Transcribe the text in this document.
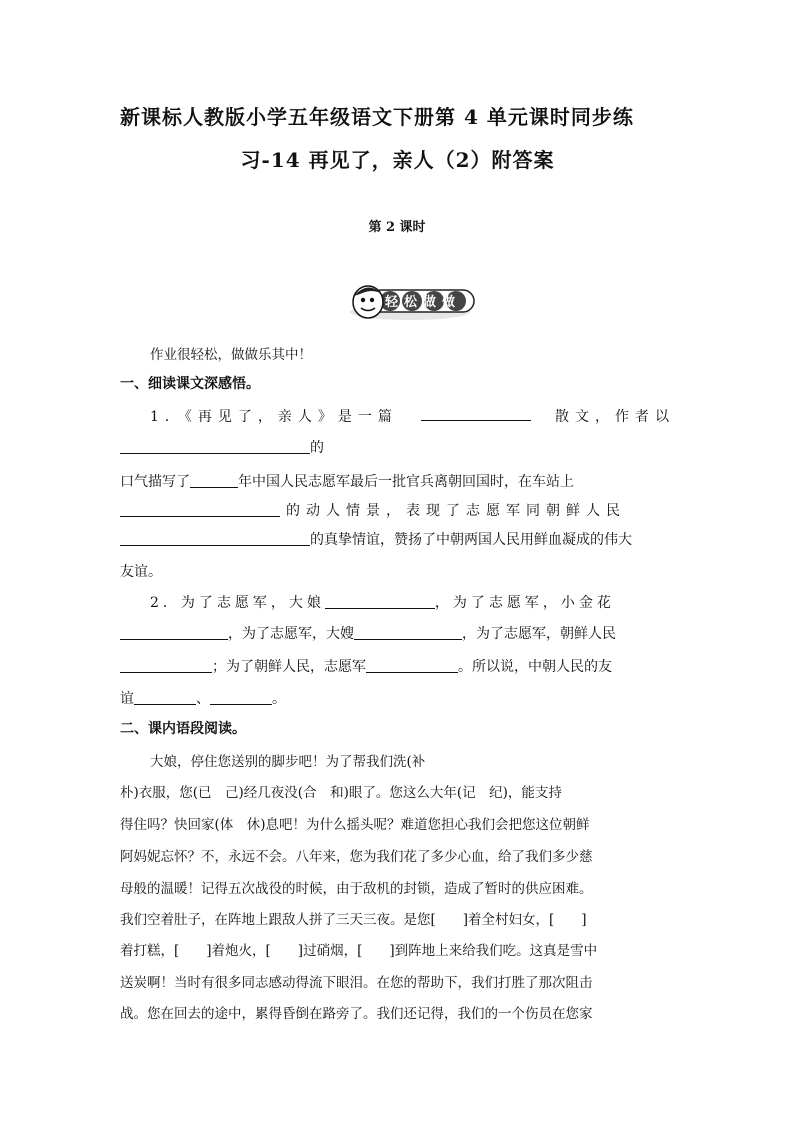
新课标人教版小学五年级语文下册第 4 单元课时同步练
习-14 再见了，亲人（2）附答案
第 2 课时
轻松做做
作业很轻松，做做乐其中！
一、细读课文深感悟。
1．《再见了，亲人》是一篇	散文，作者以
的
口气描写了	年中国人民志愿军最后一批官兵离朝回国时，在车站上
的动人情景，表现了志愿军同朝鲜人民
的真挚情谊，赞扬了中朝两国人民用鲜血凝成的伟大
友谊。
2．为了志愿军，大娘	，为了志愿军，小金花
，为了志愿军，大嫂	，为了志愿军，朝鲜人民
；为了朝鲜人民，志愿军	。所以说，中朝人民的友
谊	、	。
二、课内语段阅读。
大娘，停住您送别的脚步吧！为了帮我们洗(补
朴)衣服，您(已　己)经几夜没(合　和)眼了。您这么大年(记　纪)，能支持
得住吗？快回家(体　休)息吧！为什么摇头呢？难道您担心我们会把您这位朝鲜
阿妈妮忘怀？不，永远不会。八年来，您为我们花了多少心血，给了我们多少慈
母般的温暖！记得五次战役的时候，由于敌机的封锁，造成了暂时的供应困难。
我们空着肚子，在阵地上跟敌人拼了三天三夜。是您[　　]着全村妇女，[　　]
着打糕，[　　]着炮火，[　　]过硝烟，[　　]到阵地上来给我们吃。这真是雪中
送炭啊！当时有很多同志感动得流下眼泪。在您的帮助下，我们打胜了那次阻击
战。您在回去的途中，累得昏倒在路旁了。我们还记得，我们的一个伤员在您家
